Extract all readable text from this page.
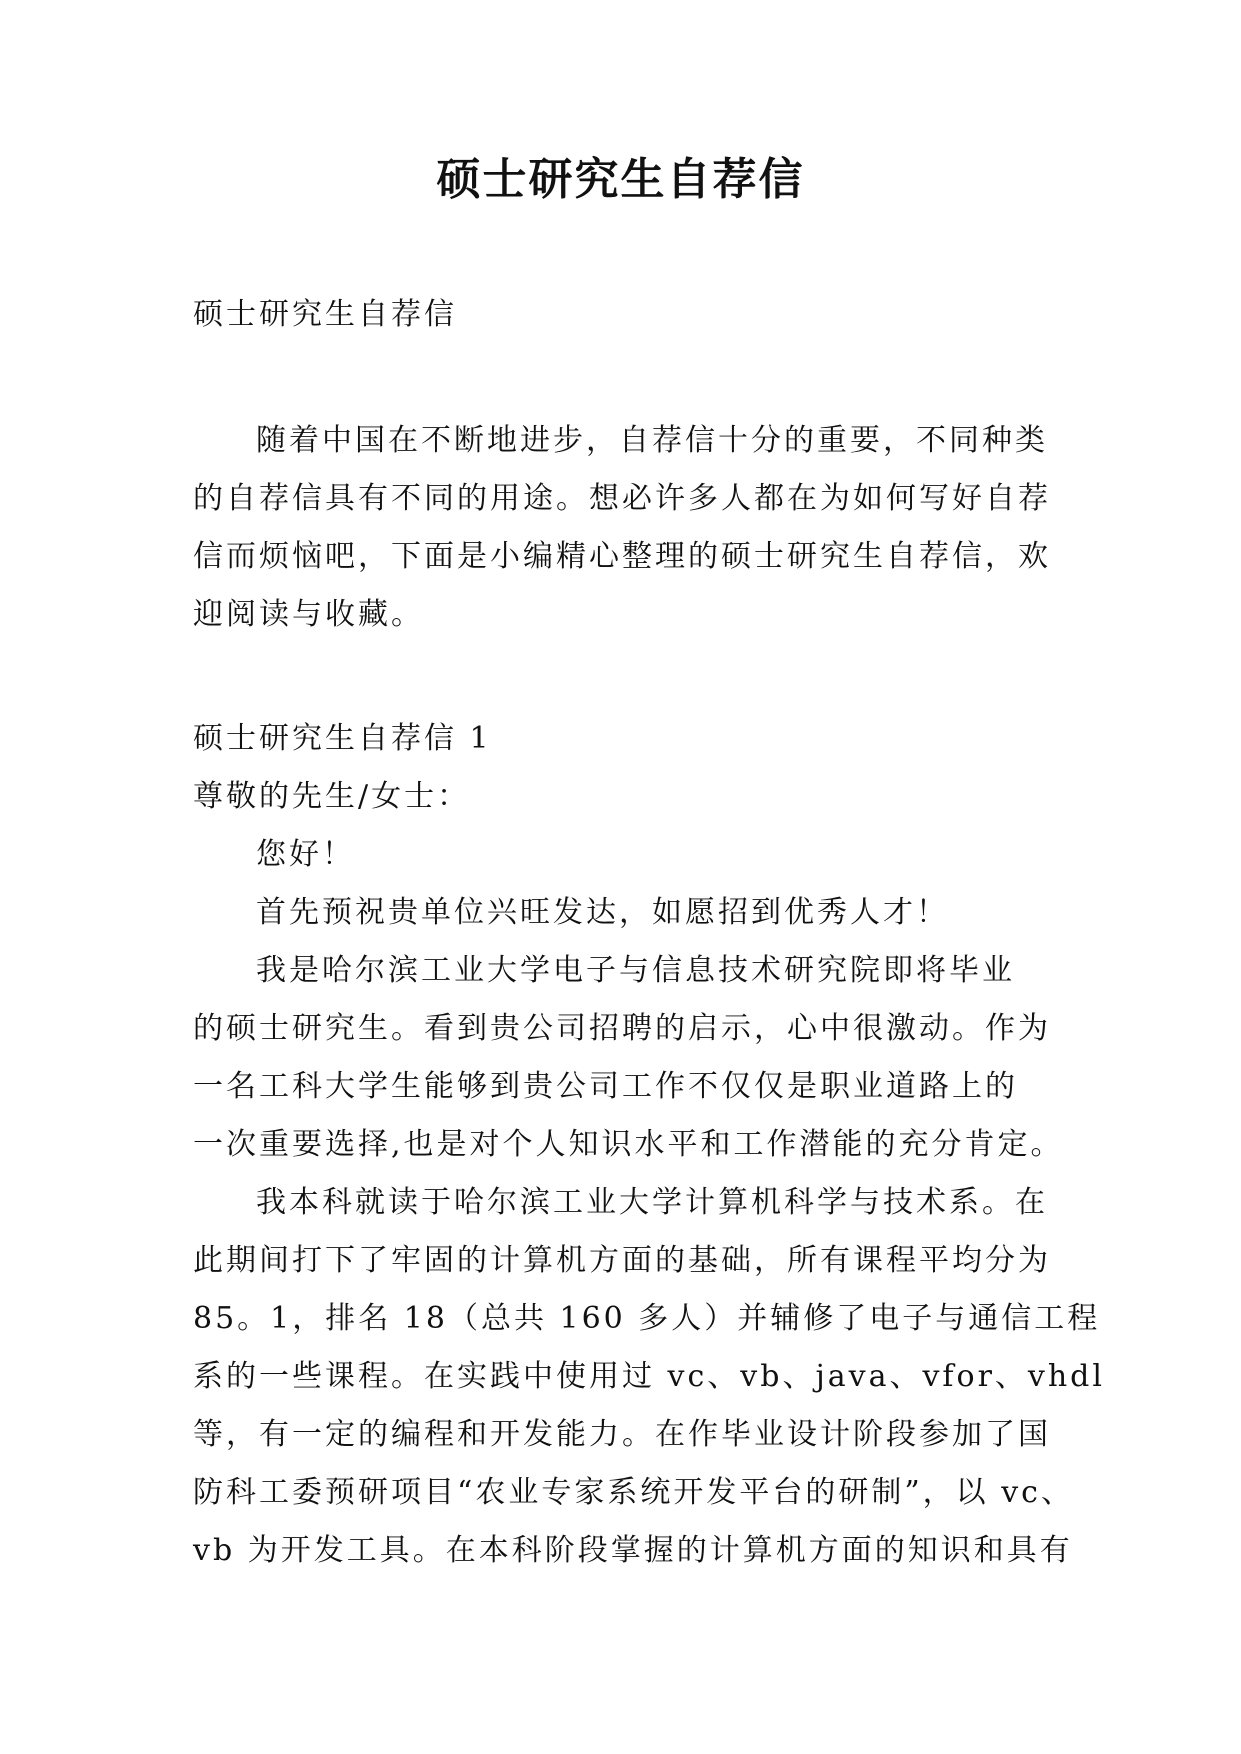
硕士研究生自荐信
硕士研究生自荐信
随着中国在不断地进步，自荐信十分的重要，不同种类
的自荐信具有不同的用途。想必许多人都在为如何写好自荐
信而烦恼吧，下面是小编精心整理的硕士研究生自荐信，欢
迎阅读与收藏。
硕士研究生自荐信 1
尊敬的先生/女士：
您好！
首先预祝贵单位兴旺发达，如愿招到优秀人才！
我是哈尔滨工业大学电子与信息技术研究院即将毕业
的硕士研究生。看到贵公司招聘的启示，心中很激动。作为
一名工科大学生能够到贵公司工作不仅仅是职业道路上的
一次重要选择,也是对个人知识水平和工作潜能的充分肯定。
我本科就读于哈尔滨工业大学计算机科学与技术系。在
此期间打下了牢固的计算机方面的基础，所有课程平均分为
85。1，排名 18（总共 160 多人）并辅修了电子与通信工程
系的一些课程。在实践中使用过 vc、vb、java、vfor、vhdl
等，有一定的编程和开发能力。在作毕业设计阶段参加了国
防科工委预研项目“农业专家系统开发平台的研制”，以 vc、
vb 为开发工具。在本科阶段掌握的计算机方面的知识和具有
